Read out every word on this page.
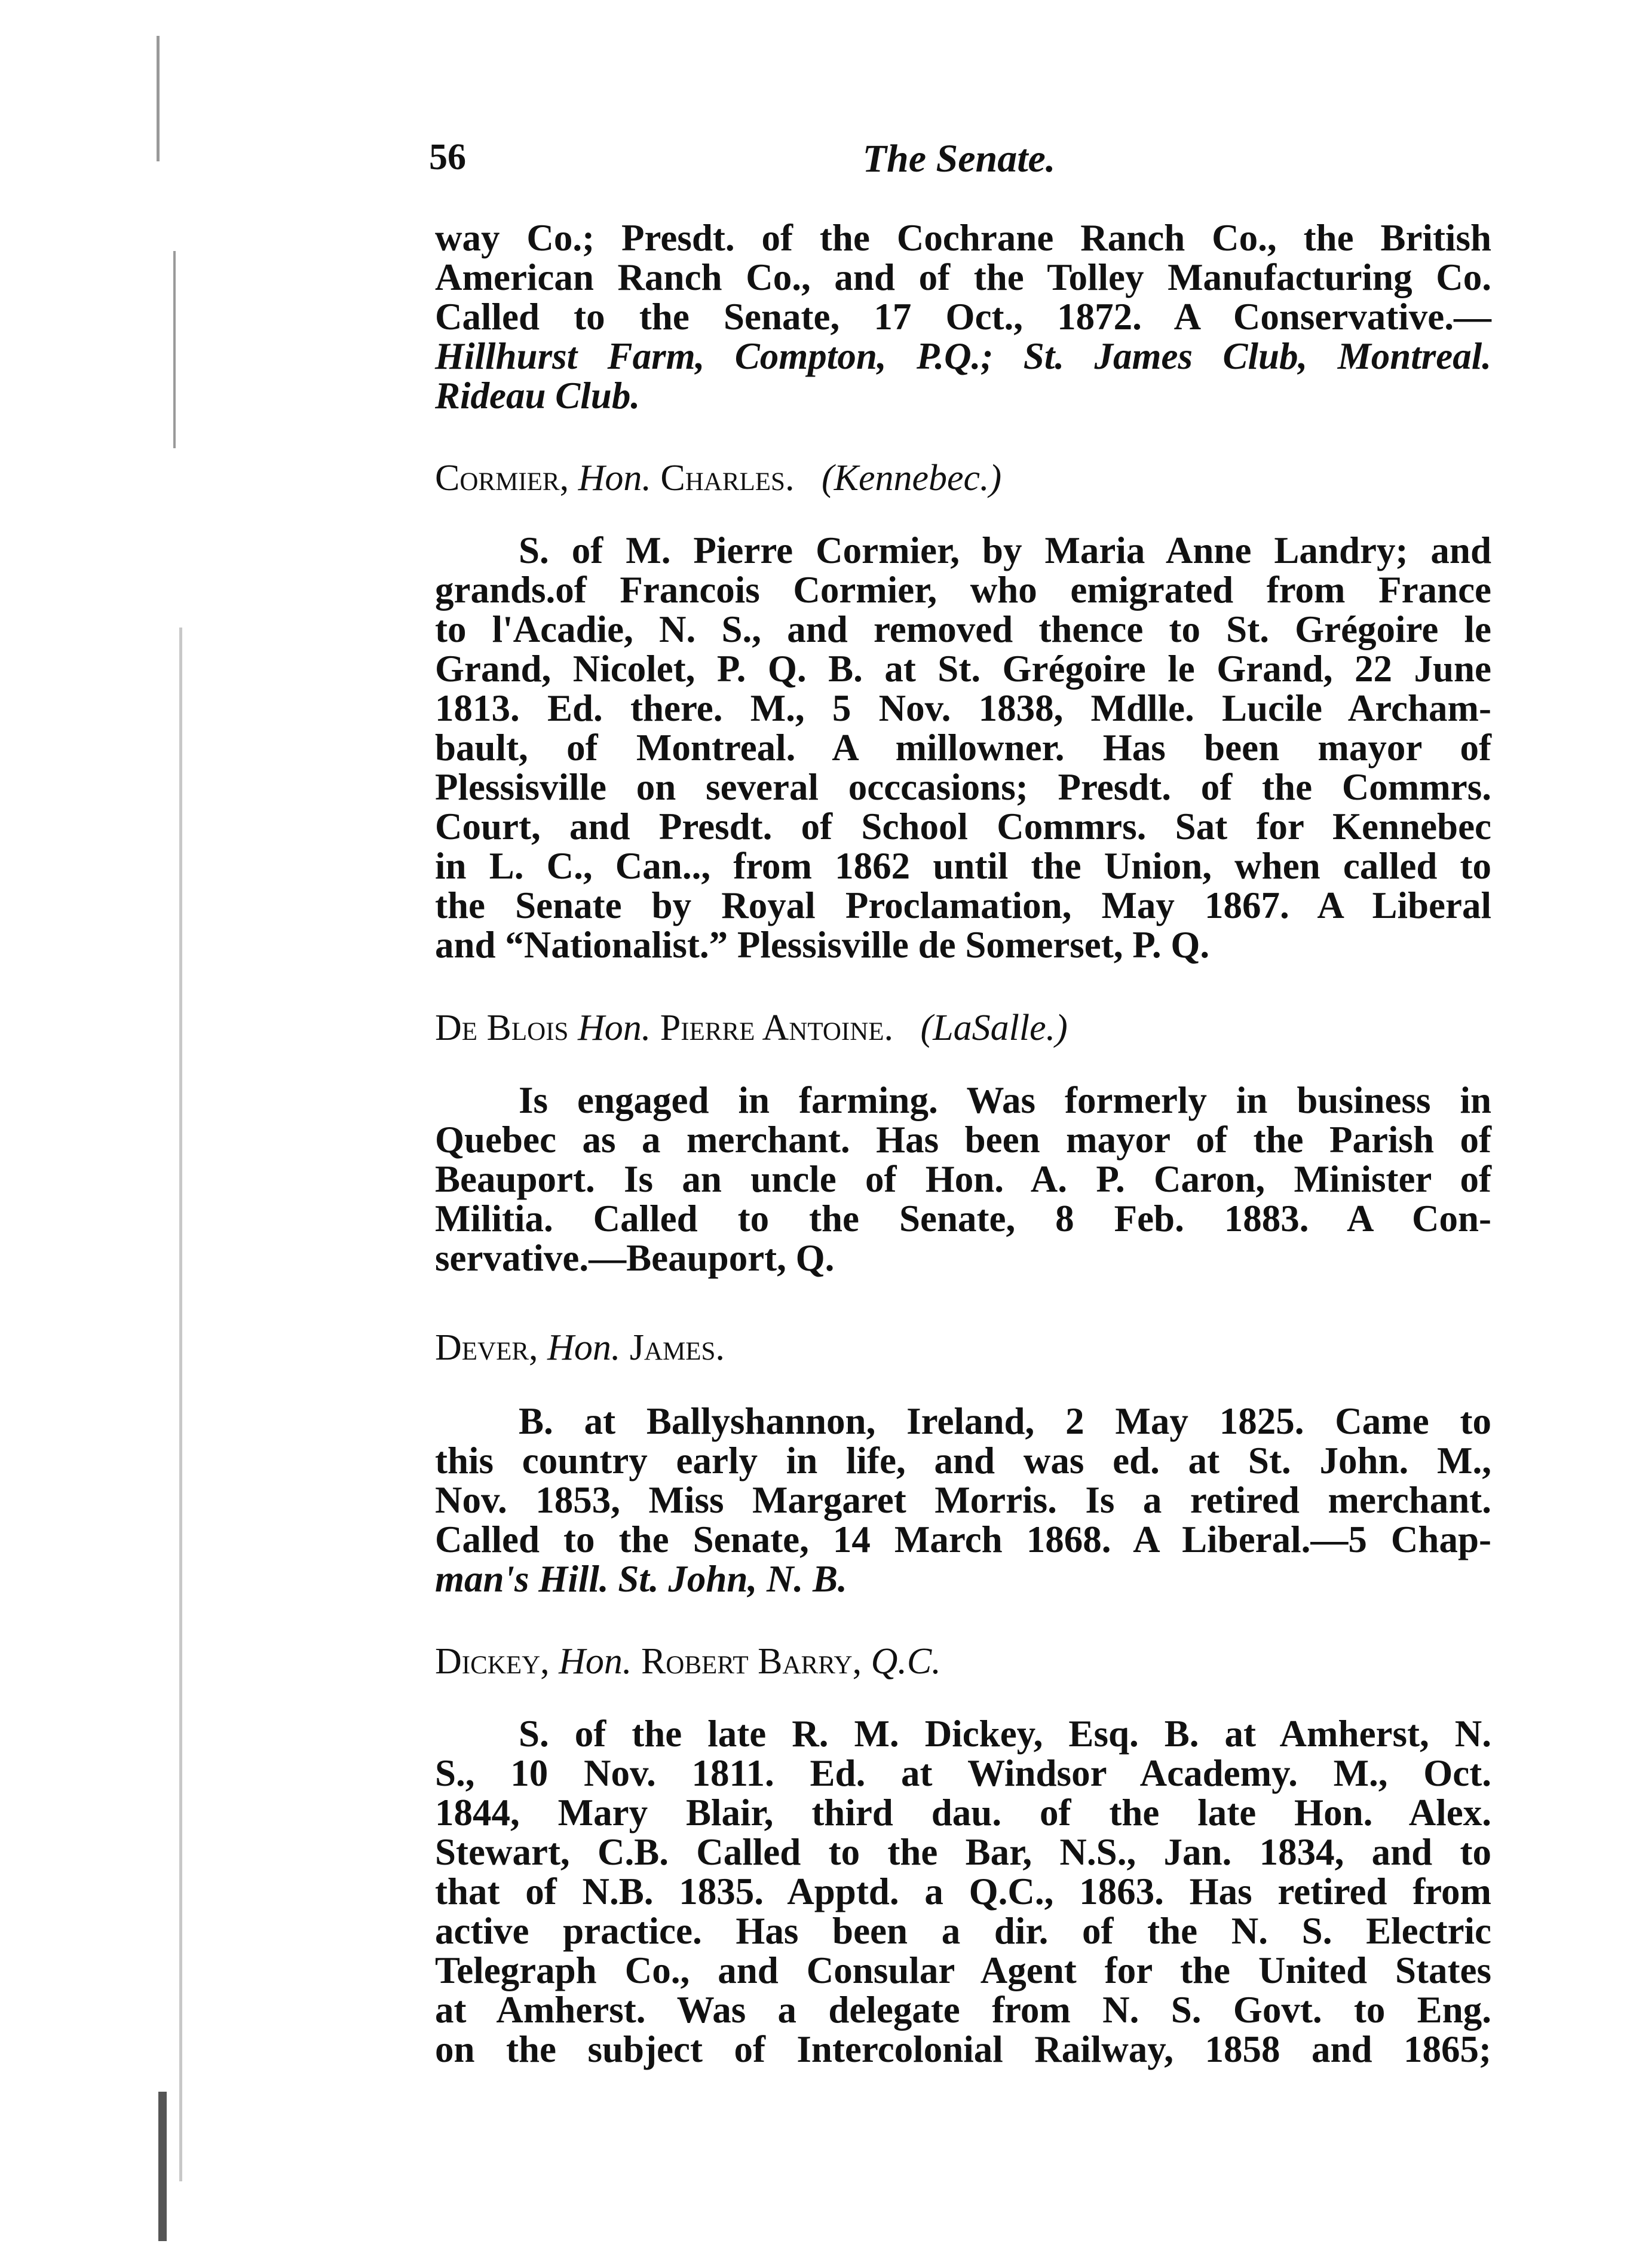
56	The Senate.
way Co.; Presdt. of the Cochrane Ranch Co., the British
American Ranch Co., and of the Tolley Manufacturing Co.
Called to the Senate, 17 Oct., 1872. A Conservative.—
Hillhurst Farm, Compton, P.Q.; St. James Club, Montreal.
Rideau Club.
Cormier, Hon. Charles. (Kennebec.)
S. of M. Pierre Cormier, by Maria Anne Landry; and
grands.of Francois Cormier, who emigrated from France
to l'Acadie, N. S., and removed thence to St. Grégoire le
Grand, Nicolet, P. Q. B. at St. Grégoire le Grand, 22 June
1813. Ed. there. M., 5 Nov. 1838, Mdlle. Lucile Archam-
bault, of Montreal. A millowner. Has been mayor of
Plessisville on several occcasions; Presdt. of the Commrs.
Court, and Presdt. of School Commrs. Sat for Kennebec
in L. C., Can.., from 1862 until the Union, when called to
the Senate by Royal Proclamation, May 1867. A Liberal
and “Nationalist.” Plessisville de Somerset, P. Q.
De Blois Hon. Pierre Antoine. (LaSalle.)
Is engaged in farming. Was formerly in business in
Quebec as a merchant. Has been mayor of the Parish of
Beauport. Is an uncle of Hon. A. P. Caron, Minister of
Militia. Called to the Senate, 8 Feb. 1883. A Con-
servative.—Beauport, Q.
Dever, Hon. James.
B. at Ballyshannon, Ireland, 2 May 1825. Came to
this country early in life, and was ed. at St. John. M.,
Nov. 1853, Miss Margaret Morris. Is a retired merchant.
Called to the Senate, 14 March 1868. A Liberal.—5 Chap-
man's Hill. St. John, N. B.
Dickey, Hon. Robert Barry, Q.C.
S. of the late R. M. Dickey, Esq. B. at Amherst, N.
S., 10 Nov. 1811. Ed. at Windsor Academy. M., Oct.
1844, Mary Blair, third dau. of the late Hon. Alex.
Stewart, C.B. Called to the Bar, N.S., Jan. 1834, and to
that of N.B. 1835. Apptd. a Q.C., 1863. Has retired from
active practice. Has been a dir. of the N. S. Electric
Telegraph Co., and Consular Agent for the United States
at Amherst. Was a delegate from N. S. Govt. to Eng.
on the subject of Intercolonial Railway, 1858 and 1865;
